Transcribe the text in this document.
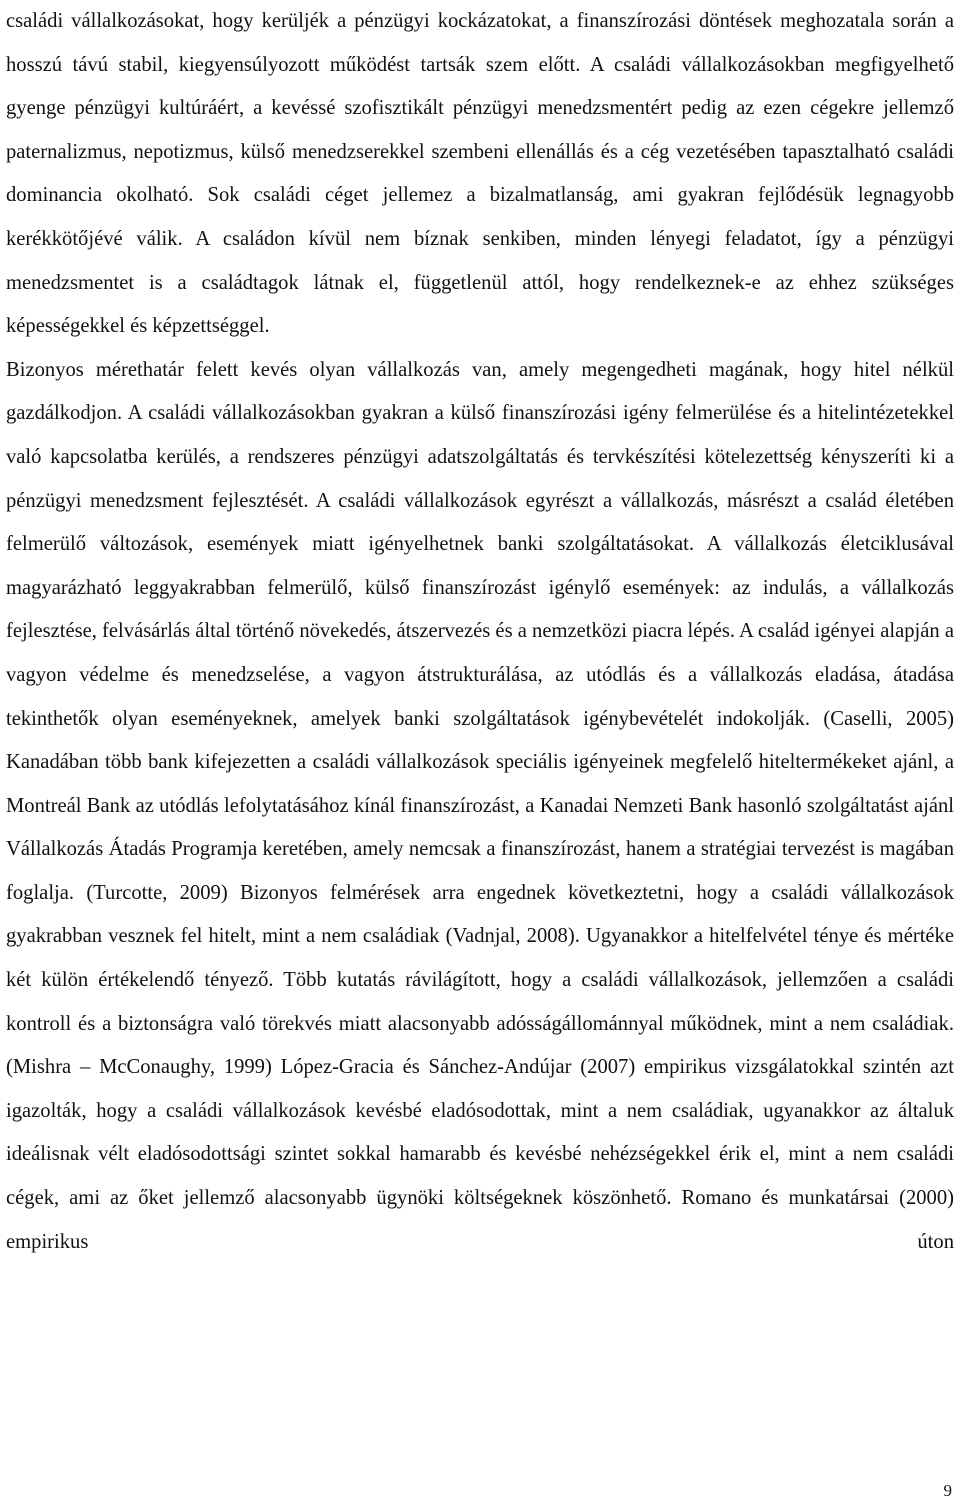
családi vállalkozásokat, hogy kerüljék a pénzügyi kockázatokat, a finanszírozási döntések meghozatala során a hosszú távú stabil, kiegyensúlyozott működést tartsák szem előtt. A családi vállalkozásokban megfigyelhető gyenge pénzügyi kultúráért, a kevéssé szofisztikált pénzügyi menedzsmentért pedig az ezen cégekre jellemző paternalizmus, nepotizmus, külső menedzserekkel szembeni ellenállás és a cég vezetésében tapasztalható családi dominancia okolható. Sok családi céget jellemez a bizalmatlanság, ami gyakran fejlődésük legnagyobb kerékkötőjévé válik. A családon kívül nem bíznak senkiben, minden lényegi feladatot, így a pénzügyi menedzsmentet is a családtagok látnak el, függetlenül attól, hogy rendelkeznek-e az ehhez szükséges képességekkel és képzettséggel.

Bizonyos mérethatár felett kevés olyan vállalkozás van, amely megengedheti magának, hogy hitel nélkül gazdálkodjon. A családi vállalkozásokban gyakran a külső finanszírozási igény felmerülése és a hitelintézetekkel való kapcsolatba kerülés, a rendszeres pénzügyi adatszolgáltatás és tervkészítési kötelezettség kényszeríti ki a pénzügyi menedzsment fejlesztését. A családi vállalkozások egyrészt a vállalkozás, másrészt a család életében felmerülő változások, események miatt igényelhetnek banki szolgáltatásokat. A vállalkozás életciklusával magyarázható leggyakrabban felmerülő, külső finanszírozást igénylő események: az indulás, a vállalkozás fejlesztése, felvásárlás által történő növekedés, átszervezés és a nemzetközi piacra lépés. A család igényei alapján a vagyon védelme és menedzselése, a vagyon átstrukturálása, az utódlás és a vállalkozás eladása, átadása tekinthetők olyan eseményeknek, amelyek banki szolgáltatások igénybevételét indokolják. (Caselli, 2005) Kanadában több bank kifejezetten a családi vállalkozások speciális igényeinek megfelelő hiteltermékeket ajánl, a Montreál Bank az utódlás lefolytatásához kínál finanszírozást, a Kanadai Nemzeti Bank hasonló szolgáltatást ajánl Vállalkozás Átadás Programja keretében, amely nemcsak a finanszírozást, hanem a stratégiai tervezést is magában foglalja. (Turcotte, 2009) Bizonyos felmérések arra engednek következtetni, hogy a családi vállalkozások gyakrabban vesznek fel hitelt, mint a nem családiak (Vadnjal, 2008). Ugyanakkor a hitelfelvétel ténye és mértéke két külön értékelendő tényező. Több kutatás rávilágított, hogy a családi vállalkozások, jellemzően a családi kontroll és a biztonságra való törekvés miatt alacsonyabb adósságállománnyal működnek, mint a nem családiak. (Mishra – McConaughy, 1999) López-Gracia és Sánchez-Andújar (2007) empirikus vizsgálatokkal szintén azt igazolták, hogy a családi vállalkozások kevésbé eladósodottak, mint a nem családiak, ugyanakkor az általuk ideálisnak vélt eladósodottsági szintet sokkal hamarabb és kevésbé nehézségekkel érik el, mint a nem családi cégek, ami az őket jellemző alacsonyabb ügynöki költségeknek köszönhető. Romano és munkatársai (2000) empirikus úton

9
